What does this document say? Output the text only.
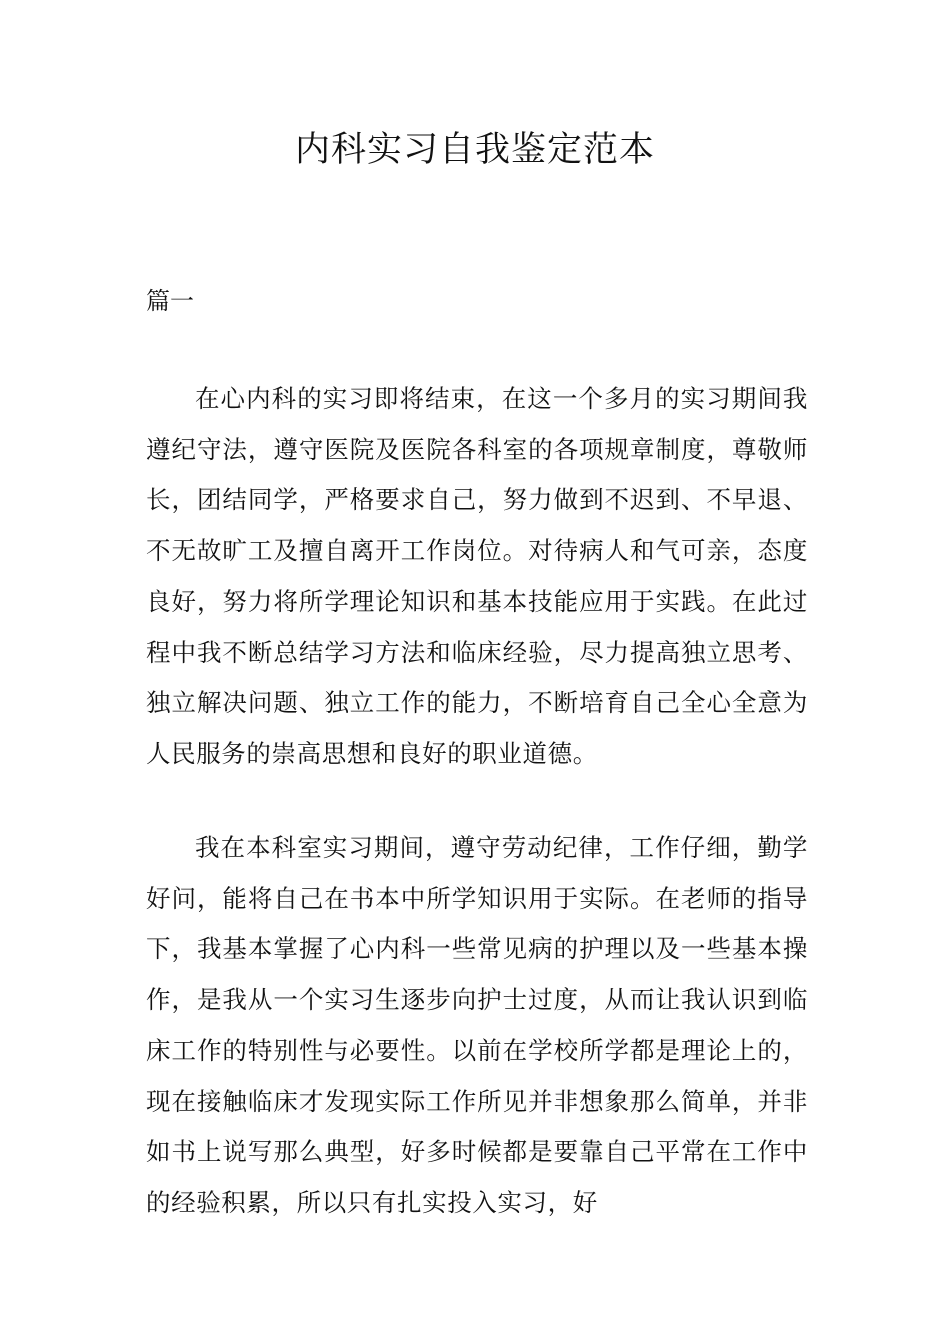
内科实习自我鉴定范本
篇一

在心内科的实习即将结束，在这一个多月的实习期间我遵纪守法，遵守医院及医院各科室的各项规章制度，尊敬师长，团结同学，严格要求自己，努力做到不迟到、不早退、不无故旷工及擅自离开工作岗位。对待病人和气可亲，态度良好，努力将所学理论知识和基本技能应用于实践。在此过程中我不断总结学习方法和临床经验，尽力提高独立思考、独立解决问题、独立工作的能力，不断培育自己全心全意为人民服务的崇高思想和良好的职业道德。

我在本科室实习期间，遵守劳动纪律，工作仔细，勤学好问，能将自己在书本中所学知识用于实际。在老师的指导下，我基本掌握了心内科一些常见病的护理以及一些基本操作，是我从一个实习生逐步向护士过度，从而让我认识到临床工作的特别性与必要性。以前在学校所学都是理论上的，现在接触临床才发现实际工作所见并非想象那么简单，并非如书上说写那么典型，好多时候都是要靠自己平常在工作中的经验积累，所以只有扎实投入实习，好
